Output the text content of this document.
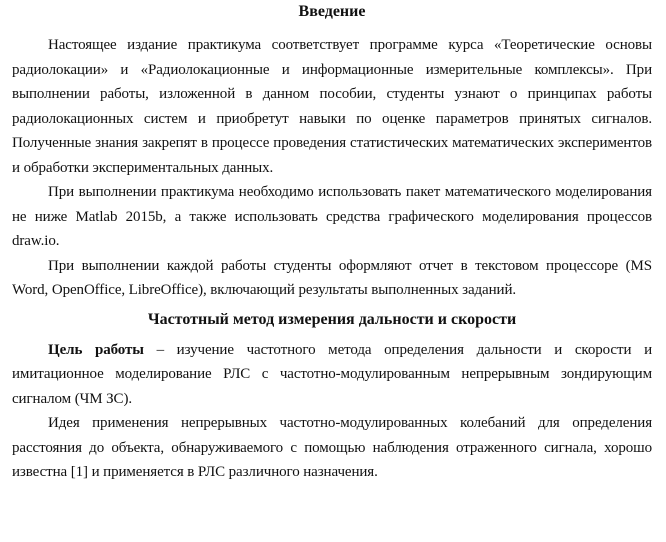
Введение

Настоящее издание практикума соответствует программе курса «Теоретические основы радиолокации» и «Радиолокационные и информационные измерительные комплексы». При выполнении работы, изложенной в данном пособии, студенты узнают о принципах работы радиолокационных систем и приобретут навыки по оценке параметров принятых сигналов. Полученные знания закрепят в процессе проведения статистических математических экспериментов и обработки экспериментальных данных.

При выполнении практикума необходимо использовать пакет математического моделирования не ниже Matlab 2015b, а также использовать средства графического моделирования процессов draw.io.

При выполнении каждой работы студенты оформляют отчет в текстовом процессоре (MS Word, OpenOffice, LibreOffice), включающий результаты выполненных заданий.

Частотный метод измерения дальности и скорости

Цель работы – изучение частотного метода определения дальности и скорости и имитационное моделирование РЛС с частотно-модулированным непрерывным зондирующим сигналом (ЧМ ЗС).

Идея применения непрерывных частотно-модулированных колебаний для определения расстояния до объекта, обнаруживаемого с помощью наблюдения отраженного сигнала, хорошо известна [1] и применяется в РЛС различного назначения.
